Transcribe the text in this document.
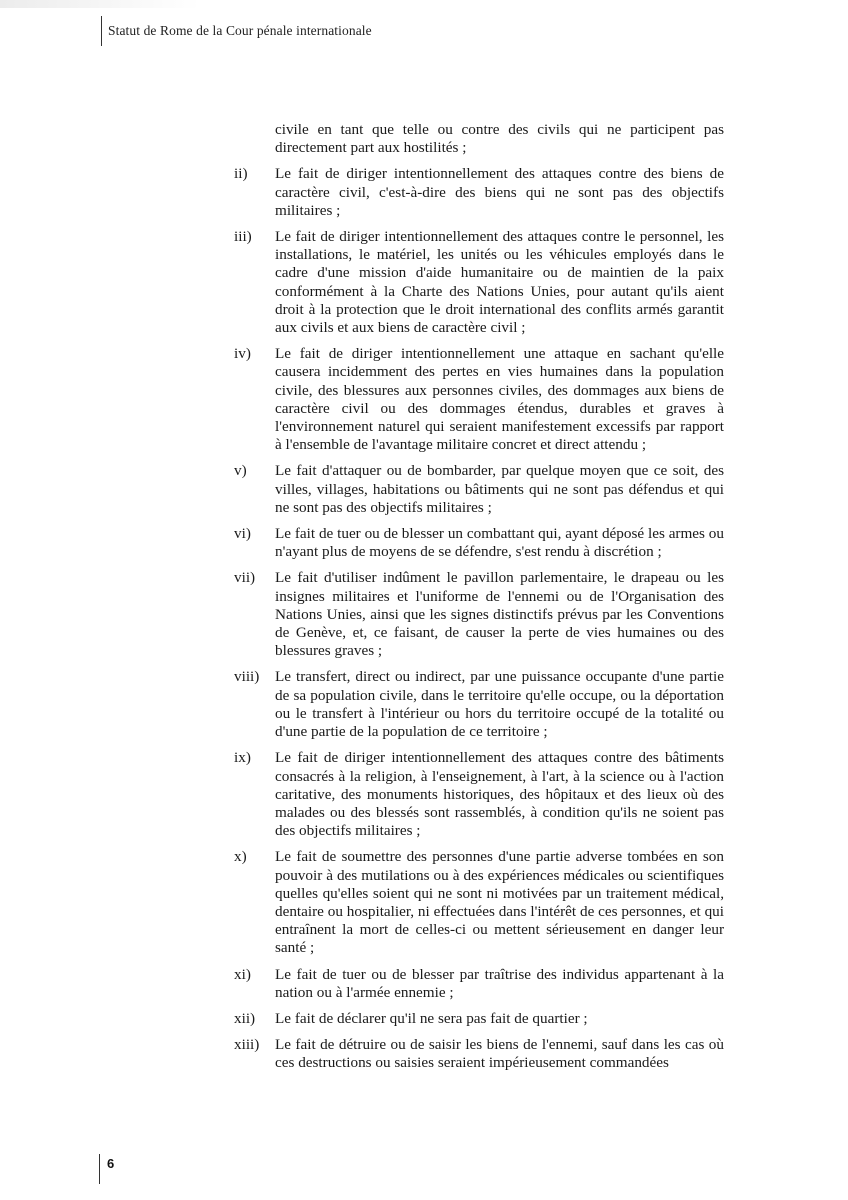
Statut de Rome de la Cour pénale internationale

civile en tant que telle ou contre des civils qui ne participent pas directement part aux hostilités ;

ii)	Le fait de diriger intentionnellement des attaques contre des biens de caractère civil, c'est-à-dire des biens qui ne sont pas des objectifs militaires ;
iii)	Le fait de diriger intentionnellement des attaques contre le personnel, les installations, le matériel, les unités ou les véhicules employés dans le cadre d'une mission d'aide humanitaire ou de maintien de la paix conformément à la Charte des Nations Unies, pour autant qu'ils aient droit à la protection que le droit international des conflits armés garantit aux civils et aux biens de caractère civil ;
iv)	Le fait de diriger intentionnellement une attaque en sachant qu'elle causera incidemment des pertes en vies humaines dans la population civile, des blessures aux personnes civiles, des dommages aux biens de caractère civil ou des dommages étendus, durables et graves à l'environnement naturel qui seraient manifestement excessifs par rapport à l'ensemble de l'avantage militaire concret et direct attendu ;
v)	Le fait d'attaquer ou de bombarder, par quelque moyen que ce soit, des villes, villages, habitations ou bâtiments qui ne sont pas défendus et qui ne sont pas des objectifs militaires ;
vi)	Le fait de tuer ou de blesser un combattant qui, ayant déposé les armes ou n'ayant plus de moyens de se défendre, s'est rendu à discrétion ;
vii)	Le fait d'utiliser indûment le pavillon parlementaire, le drapeau ou les insignes militaires et l'uniforme de l'ennemi ou de l'Organisation des Nations Unies, ainsi que les signes distinctifs prévus par les Conventions de Genève, et, ce faisant, de causer la perte de vies humaines ou des blessures graves ;
viii)	Le transfert, direct ou indirect, par une puissance occupante d'une partie de sa population civile, dans le territoire qu'elle occupe, ou la déportation ou le transfert à l'intérieur ou hors du territoire occupé de la totalité ou d'une partie de la population de ce territoire ;
ix)	Le fait de diriger intentionnellement des attaques contre des bâtiments consacrés à la religion, à l'enseignement, à l'art, à la science ou à l'action caritative, des monuments historiques, des hôpitaux et des lieux où des malades ou des blessés sont rassemblés, à condition qu'ils ne soient pas des objectifs militaires ;
x)	Le fait de soumettre des personnes d'une partie adverse tombées en son pouvoir à des mutilations ou à des expériences médicales ou scientifiques quelles qu'elles soient qui ne sont ni motivées par un traitement médical, dentaire ou hospitalier, ni effectuées dans l'intérêt de ces personnes, et qui entraînent la mort de celles-ci ou mettent sérieusement en danger leur santé ;
xi)	Le fait de tuer ou de blesser par traîtrise des individus appartenant à la nation ou à l'armée ennemie ;
xii)	Le fait de déclarer qu'il ne sera pas fait de quartier ;
xiii)	Le fait de détruire ou de saisir les biens de l'ennemi, sauf dans les cas où ces destructions ou saisies seraient impérieusement commandées
6
